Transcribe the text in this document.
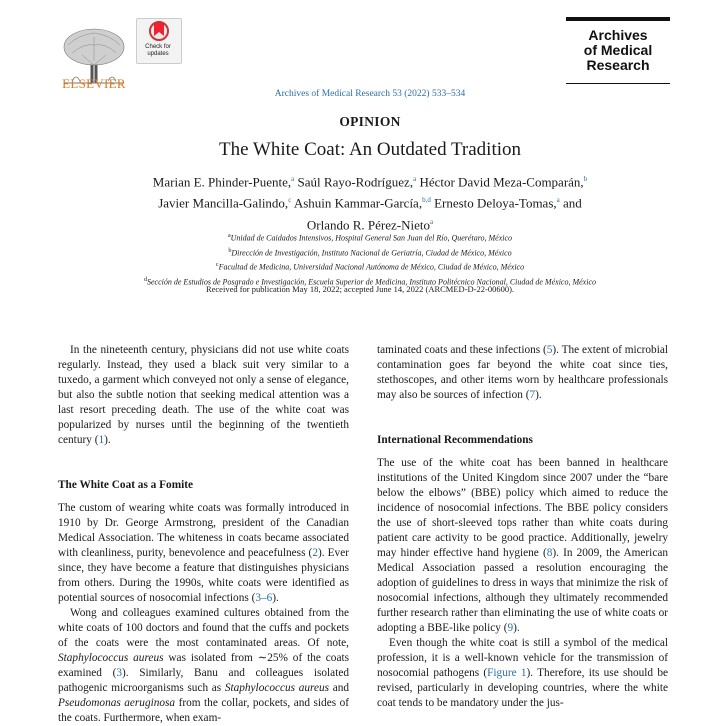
ELSEVIER
Check for updates
Archives
of Medical
Research
Archives of Medical Research 53 (2022) 533–534
OPINION
The White Coat: An Outdated Tradition
Marian E. Phinder-Puente,$^a$ Saúl Rayo-Rodríguez,$^a$ Héctor David Meza-Comparán,$^b$
Javier Mancilla-Galindo,$^c$ Ashuin Kammar-García,$^{b,d}$ Ernesto Deloya-Tomas,$^a$ and
Orlando R. Pérez-Nieto$^a$
$^a$Unidad de Caidados Intensivos, Hospital General San Juan del Río, Querétaro, México
$^b$Dirección de Investigación, Instituto Nacional de Geriatría, Ciudad de México, México
$^c$Facultad de Medicina, Universidad Nacional Autónoma de México, Ciudad de México, México
$^d$Sección de Estudios de Posgrado e Investigación, Escuela Superior de Medicina, Instituto Politécnico Nacional, Ciudad de México, México
Received for publication May 18, 2022; accepted June 14, 2022 (ARCMED-D-22-00600).

In the nineteenth century, physicians did not use white coats regularly. Instead, they used a black suit very similar to a tuxedo, a garment which conveyed not only a sense of elegance, but also the subtle notion that seeking medical attention was a last resort preceding death. The use of the white coat was popularized by nurses until the beginning of the twentieth century (1).

The White Coat as a Fomite

The custom of wearing white coats was formally introduced in 1910 by Dr. George Armstrong, president of the Canadian Medical Association. The whiteness in coats became associated with cleanliness, purity, benevolence and peacefulness (2). Ever since, they have become a feature that distinguishes physicians from others. During the 1990s, white coats were identified as potential sources of nosocomial infections (3–6).

Wong and colleagues examined cultures obtained from the white coats of 100 doctors and found that the cuffs and pockets of the coats were the most contaminated areas. Of note, Staphylococcus aureus was isolated from ∼25% of the coats examined (3). Similarly, Banu and colleagues isolated pathogenic microorganisms such as Staphylococcus aureus and Pseudomonas aeruginosa from the collar, pockets, and sides of the coats. Furthermore, when exam-

taminated coats and these infections (5). The extent of microbial contamination goes far beyond the white coat since ties, stethoscopes, and other items worn by healthcare professionals may also be sources of infection (7).

International Recommendations

The use of the white coat has been banned in healthcare institutions of the United Kingdom since 2007 under the “bare below the elbows” (BBE) policy which aimed to reduce the incidence of nosocomial infections. The BBE policy considers the use of short-sleeved tops rather than white coats during patient care activity to be good practice. Additionally, jewelry may hinder effective hand hygiene (8). In 2009, the American Medical Association passed a resolution encouraging the adoption of guidelines to dress in ways that minimize the risk of nosocomial infections, although they ultimately recommended further research rather than eliminating the use of white coats or adopting a BBE-like policy (9).

Even though the white coat is still a symbol of the medical profession, it is a well-known vehicle for the transmission of nosocomial pathogens (Figure 1). Therefore, its use should be revised, particularly in developing countries, where the white coat tends to be mandatory under the jus-
